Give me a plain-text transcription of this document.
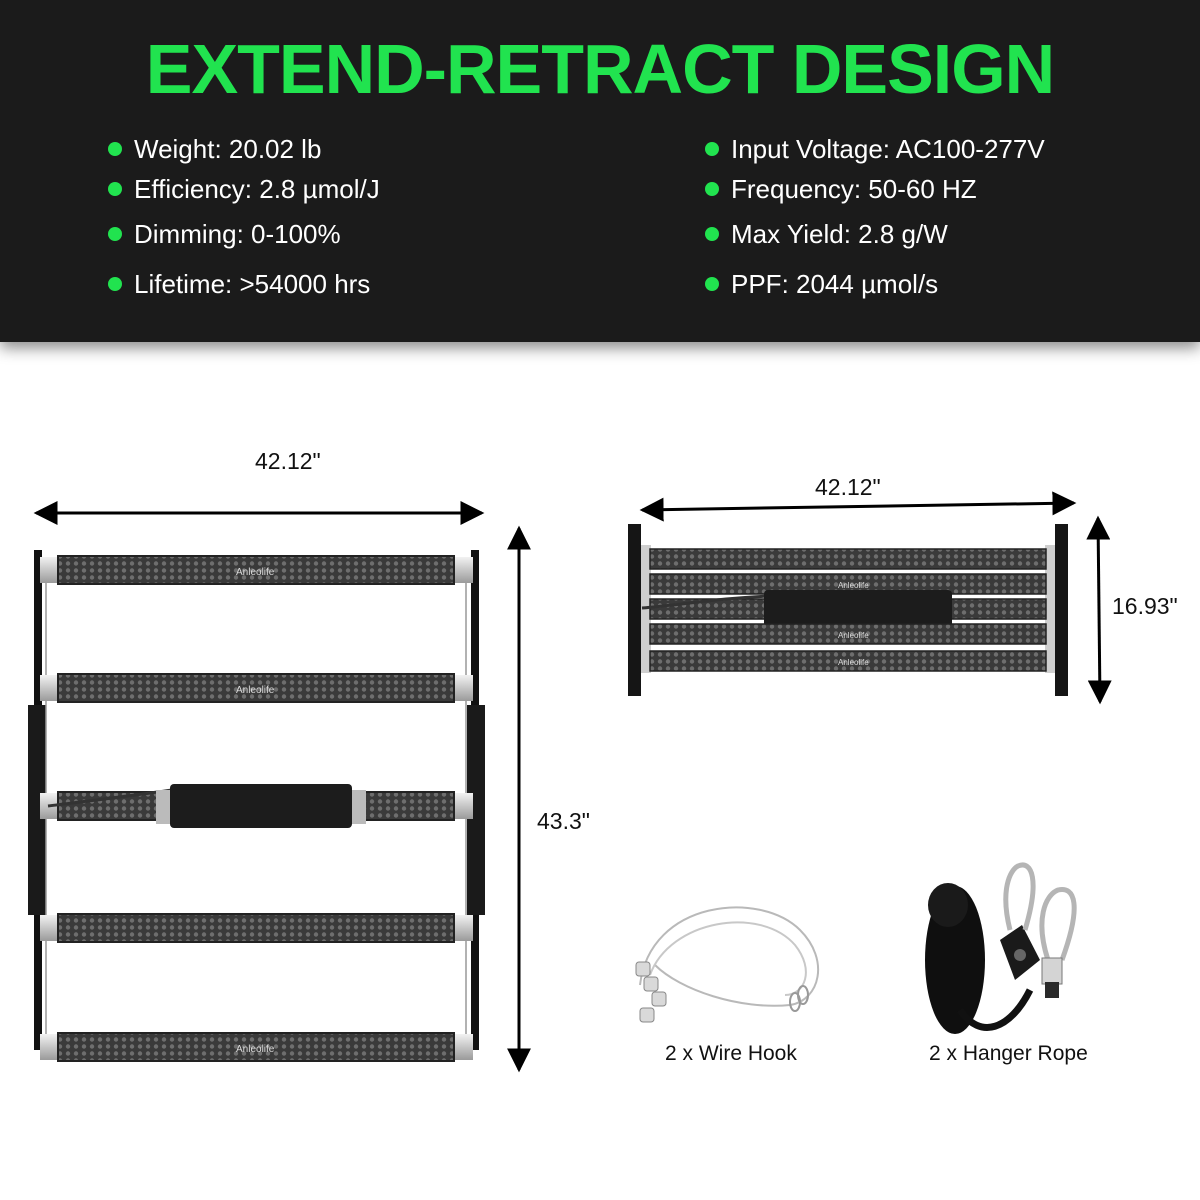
EXTEND-RETRACT DESIGN
Weight: 20.02 lb
Efficiency: 2.8 µmol/J
Dimming: 0-100%
Lifetime: >54000 hrs
Input Voltage: AC100-277V
Frequency: 50-60 HZ
Max Yield: 2.8 g/W
PPF: 2044 µmol/s
Anleolife
Anleolife
Anleolife
Anleolife
Anleolife
Anleolife
42.12"
43.3"
42.12"
16.93"
2 x Wire Hook	2 x Hanger Rope
